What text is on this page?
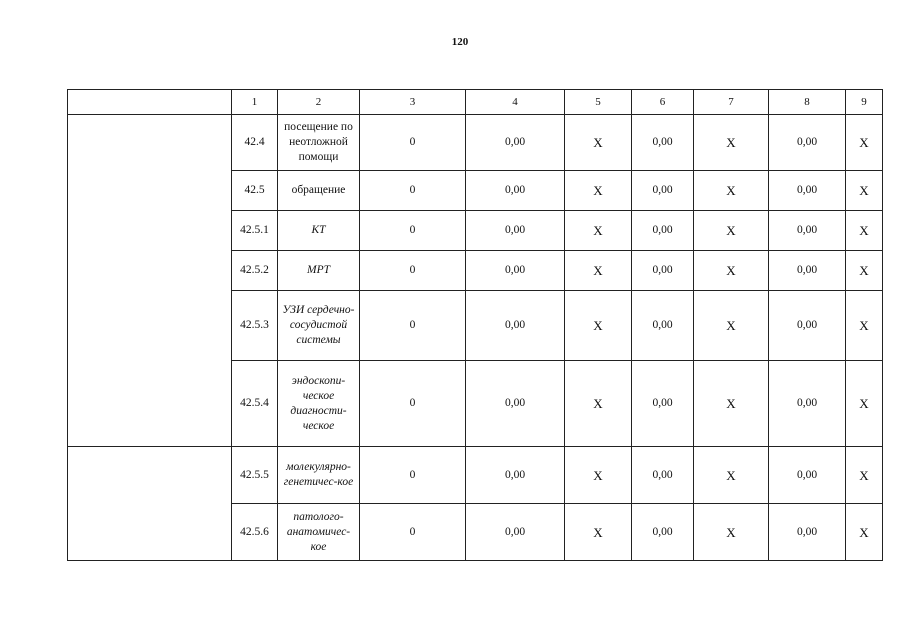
120
	1	2	3	4	5	6	7	8	9
	42.4	посещение по неотложной помощи	0	0,00	X	0,00	X	0,00	X
	42.5	обращение	0	0,00	X	0,00	X	0,00	X
	42.5.1	КТ	0	0,00	X	0,00	X	0,00	X
	42.5.2	МРТ	0	0,00	X	0,00	X	0,00	X
	42.5.3	УЗИ сердечно-сосудистой системы	0	0,00	X	0,00	X	0,00	X
	42.5.4	эндоскопи-ческое диагности-ческое	0	0,00	X	0,00	X	0,00	X
	42.5.5	молекулярно-генетичес-кое	0	0,00	X	0,00	X	0,00	X
	42.5.6	патолого-анатомичес-кое	0	0,00	X	0,00	X	0,00	X
